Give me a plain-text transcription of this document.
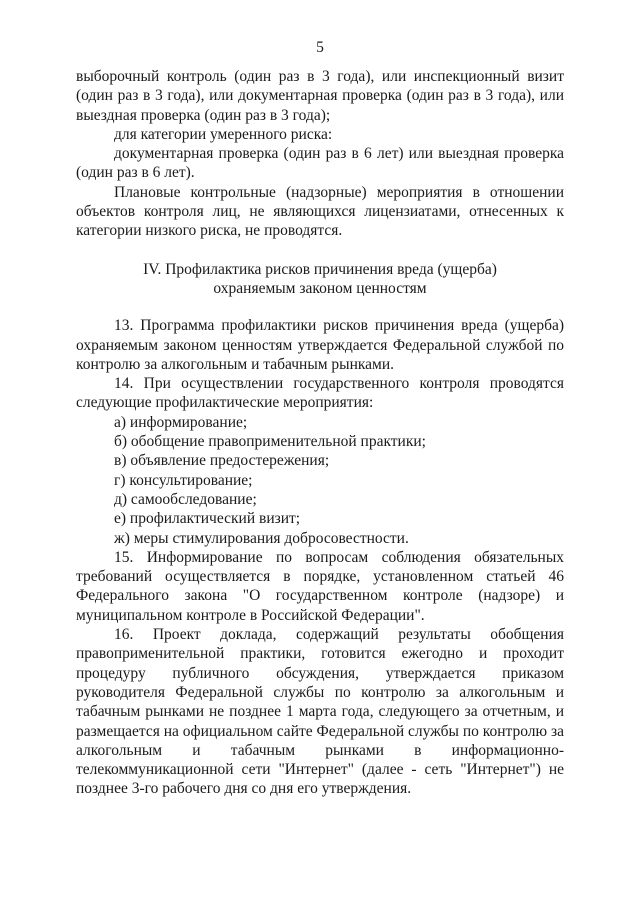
5

выборочный контроль (один раз в 3 года), или инспекционный визит (один раз в 3 года), или документарная проверка (один раз в 3 года), или выездная проверка (один раз в 3 года);

для категории умеренного риска:

документарная проверка (один раз в 6 лет) или выездная проверка (один раз в 6 лет).

Плановые контрольные (надзорные) мероприятия в отношении объектов контроля лиц, не являющихся лицензиатами, отнесенных к категории низкого риска, не проводятся.

IV. Профилактика рисков причинения вреда (ущерба)
охраняемым законом ценностям

13. Программа профилактики рисков причинения вреда (ущерба) охраняемым законом ценностям утверждается Федеральной службой по контролю за алкогольным и табачным рынками.

14. При осуществлении государственного контроля проводятся следующие профилактические мероприятия:

а) информирование;

б) обобщение правоприменительной практики;

в) объявление предостережения;

г) консультирование;

д) самообследование;

е) профилактический визит;

ж) меры стимулирования добросовестности.

15. Информирование по вопросам соблюдения обязательных требований осуществляется в порядке, установленном статьей 46 Федерального закона "О государственном контроле (надзоре) и муниципальном контроле в Российской Федерации".

16. Проект доклада, содержащий результаты обобщения правоприменительной практики, готовится ежегодно и проходит процедуру публичного обсуждения, утверждается приказом руководителя Федеральной службы по контролю за алкогольным и табачным рынками не позднее 1 марта года, следующего за отчетным, и размещается на официальном сайте Федеральной службы по контролю за алкогольным и табачным рынками в информационно-телекоммуникационной сети "Интернет" (далее - сеть "Интернет") не позднее 3-го рабочего дня со дня его утверждения.
